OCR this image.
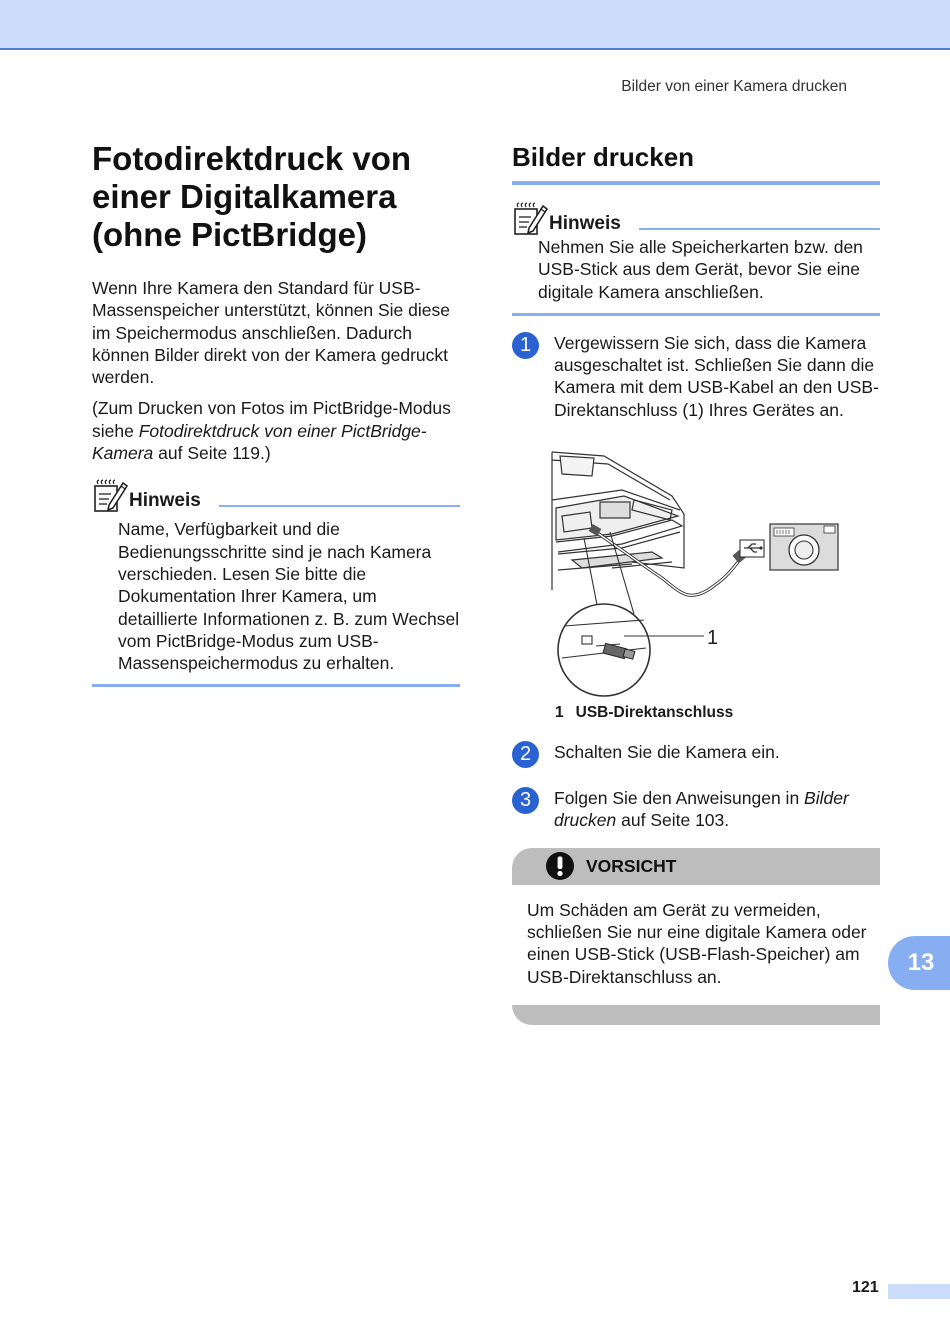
Bilder von einer Kamera drucken
Fotodirektdruck von einer Digitalkamera (ohne PictBridge)

Wenn Ihre Kamera den Standard für USB-Massenspeicher unterstützt, können Sie diese im Speichermodus anschließen. Dadurch können Bilder direkt von der Kamera gedruckt werden.

(Zum Drucken von Fotos im PictBridge-Modus siehe Fotodirektdruck von einer PictBridge-Kamera auf Seite 119.)

Hinweis

Name, Verfügbarkeit und die Bedienungsschritte sind je nach Kamera verschieden. Lesen Sie bitte die Dokumentation Ihrer Kamera, um detaillierte Informationen z. B. zum Wechsel vom PictBridge-Modus zum USB-Massenspeichermodus zu erhalten.

Bilder drucken
Hinweis

Nehmen Sie alle Speicherkarten bzw. den USB-Stick aus dem Gerät, bevor Sie eine digitale Kamera anschließen.

1	Vergewissern Sie sich, dass die Kamera ausgeschaltet ist. Schließen Sie dann die Kamera mit dem USB-Kabel an den USB-Direktanschluss (1) Ihres Gerätes an.
1
1 USB-Direktanschluss
2	Schalten Sie die Kamera ein.
3	Folgen Sie den Anweisungen in Bilder drucken auf Seite 103.
VORSICHT

Um Schäden am Gerät zu vermeiden, schließen Sie nur eine digitale Kamera oder einen USB-Stick (USB-Flash-Speicher) am USB-Direktanschluss an.

13
121
